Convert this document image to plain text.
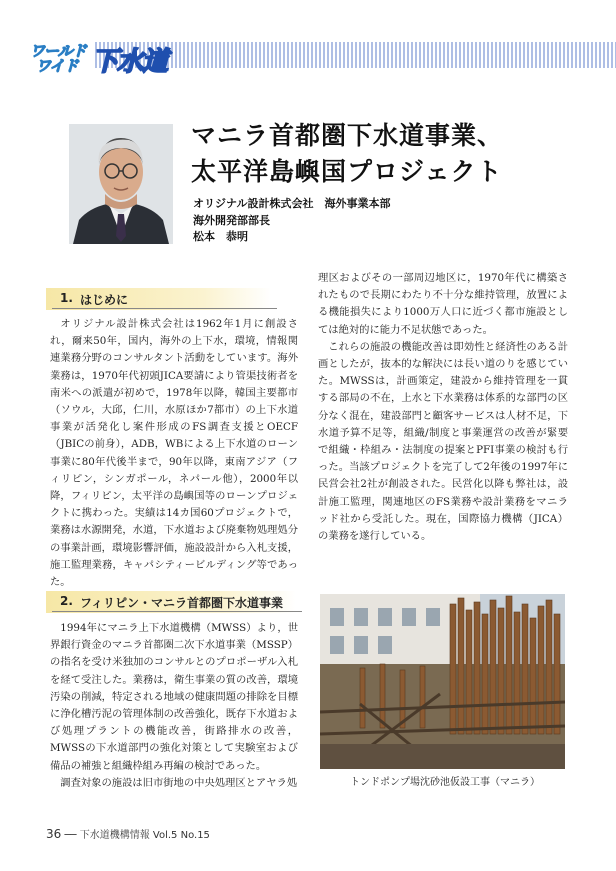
ワールド
ワイド 下水道
マニラ首都圏下水道事業、
太平洋島嶼国プロジェクト
オリジナル設計株式会社　海外事業本部
海外開発部部長
松本　恭明
1. はじめに

オリジナル設計株式会社は1962年1月に創設され，爾来50年，国内，海外の上下水，環境，情報関連業務分野のコンサルタント活動をしています。海外業務は，1970年代初頭JICA要請により管渠技術者を南米への派遣が初めで，1978年以降，韓国主要都市（ソウル，大邱，仁川，水原ほか7都市）の上下水道事業が活発化し案件形成のFS調査支援とOECF（JBICの前身），ADB，WBによる上下水道のローン事業に80年代後半まで，90年以降，東南アジア（フィリピン，シンガポール，ネパール他），2000年以降，フィリピン，太平洋の島嶼国等のローンプロジェクトに携わった。実績は14カ国60プロジェクトで，業務は水源開発，水道，下水道および廃棄物処理処分の事業計画，環境影響評価，施設設計から入札支援，施工監理業務，キャパシティービルディング等であった。

理区およびその一部周辺地区に，1970年代に構築されたもので長期にわたり不十分な維持管理，放置による機能損失により1000万人口に近づく都市施設としては絶対的に能力不足状態であった。

これらの施設の機能改善は即効性と経済性のある計画としたが，抜本的な解決には長い道のりを感じていた。MWSSは，計画策定，建設から維持管理を一貫する部局の不在，上水と下水業務は体系的な部門の区分なく混在，建設部門と顧客サービスは人材不足，下水道予算不足等，組織/制度と事業運営の改善が緊要で組織・枠組み・法制度の提案とPFI事業の検討も行った。当該プロジェクトを完了して2年後の1997年に民営会社2社が創設された。民営化以降も弊社は，設計施工監理，関連地区のFS業務や設計業務をマニラッド社から受託した。現在，国際協力機構（JICA）の業務を遂行している。

2. フィリピン・マニラ首都圏下水道事業

1994年にマニラ上下水道機構（MWSS）より，世界銀行資金のマニラ首都圏二次下水道事業（MSSP）の指名を受け米独加のコンサルとのプロポーザル入札を経て受注した。業務は，衛生事業の質の改善，環境汚染の削減，特定される地域の健康問題の排除を目標に浄化槽汚泥の管理体制の改善強化，既存下水道および処理プラントの機能改善，街路排水の改善，MWSSの下水道部門の強化対策として実験室および備品の補強と組織枠組み再編の検討であった。

調査対象の施設は旧市街地の中央処理区とアヤラ処	トンドポンプ場沈砂池仮設工事（マニラ）
36 ── 下水道機構情報 Vol.5 No.15
